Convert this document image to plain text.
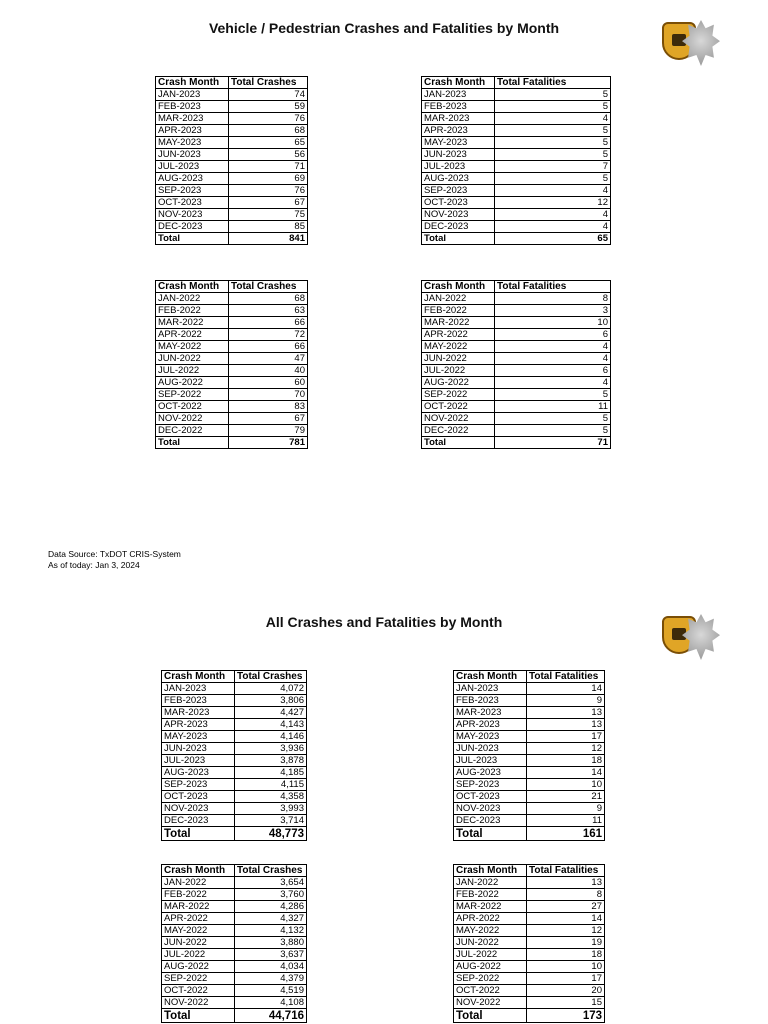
Vehicle / Pedestrian Crashes and Fatalities by Month
Crash Month	Total Crashes
JAN-2023	74
FEB-2023	59
MAR-2023	76
APR-2023	68
MAY-2023	65
JUN-2023	56
JUL-2023	71
AUG-2023	69
SEP-2023	76
OCT-2023	67
NOV-2023	75
DEC-2023	85
Total	841
Crash Month	Total Fatalities
JAN-2023	5
FEB-2023	5
MAR-2023	4
APR-2023	5
MAY-2023	5
JUN-2023	5
JUL-2023	7
AUG-2023	5
SEP-2023	4
OCT-2023	12
NOV-2023	4
DEC-2023	4
Total	65
Crash Month	Total Crashes
JAN-2022	68
FEB-2022	63
MAR-2022	66
APR-2022	72
MAY-2022	66
JUN-2022	47
JUL-2022	40
AUG-2022	60
SEP-2022	70
OCT-2022	83
NOV-2022	67
DEC-2022	79
Total	781
Crash Month	Total Fatalities
JAN-2022	8
FEB-2022	3
MAR-2022	10
APR-2022	6
MAY-2022	4
JUN-2022	4
JUL-2022	6
AUG-2022	4
SEP-2022	5
OCT-2022	11
NOV-2022	5
DEC-2022	5
Total	71
Data Source: TxDOT CRIS-System
As of today: Jan 3, 2024
All Crashes and Fatalities by Month
Crash Month	Total Crashes
JAN-2023	4,072
FEB-2023	3,806
MAR-2023	4,427
APR-2023	4,143
MAY-2023	4,146
JUN-2023	3,936
JUL-2023	3,878
AUG-2023	4,185
SEP-2023	4,115
OCT-2023	4,358
NOV-2023	3,993
DEC-2023	3,714
Total	48,773
Crash Month	Total Fatalities
JAN-2023	14
FEB-2023	9
MAR-2023	13
APR-2023	13
MAY-2023	17
JUN-2023	12
JUL-2023	18
AUG-2023	14
SEP-2023	10
OCT-2023	21
NOV-2023	9
DEC-2023	11
Total	161
Crash Month	Total Crashes
JAN-2022	3,654
FEB-2022	3,760
MAR-2022	4,286
APR-2022	4,327
MAY-2022	4,132
JUN-2022	3,880
JUL-2022	3,637
AUG-2022	4,034
SEP-2022	4,379
OCT-2022	4,519
NOV-2022	4,108
Total	44,716
Crash Month	Total Fatalities
JAN-2022	13
FEB-2022	8
MAR-2022	27
APR-2022	14
MAY-2022	12
JUN-2022	19
JUL-2022	18
AUG-2022	10
SEP-2022	17
OCT-2022	20
NOV-2022	15
Total	173
